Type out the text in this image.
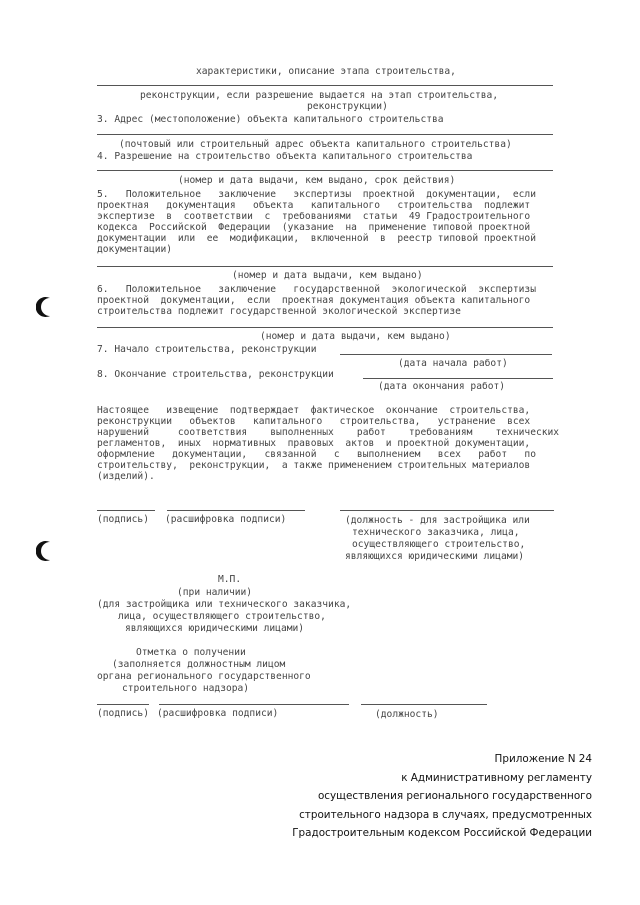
характеристики, описание этапа строительства,
реконструкции, если разрешение выдается на этап строительства,
реконструкции)
3. Адрес (местоположение) объекта капитального строительства
(почтовый или строительный адрес объекта капитального строительства)
4. Разрешение на строительство объекта капитального строительства
(номер и дата выдачи, кем выдано, срок действия)
5.   Положительное   заключение   экспертизы  проектной  документации,  если
проектная   документация   объекта   капитального   строительства  подлежит
экспертизе  в  соответствии  с  требованиями  статьи  49 Градостроительного
кодекса  Российской  Федерации  (указание  на  применение типовой проектной
документации  или  ее  модификации,  включенной  в  реестр типовой проектной
документации)
(номер и дата выдачи, кем выдано)
6.   Положительное   заключение   государственной  экологической  экспертизы
проектной  документации,  если  проектная документация объекта капитального
строительства подлежит государственной экологической экспертизе
(номер и дата выдачи, кем выдано)
7. Начало строительства, реконструкции
(дата начала работ)
8. Окончание строительства, реконструкции
(дата окончания работ)
Настоящее   извещение  подтверждает  фактическое  окончание  строительства,
реконструкции   объектов   капитального   строительства,   устранение  всех
нарушений     соответствия    выполненных    работ    требованиям    технических
регламентов,  иных  нормативных  правовых  актов  и проектной документации,
оформление   документации,   связанной   с   выполнением   всех   работ   по
строительству,  реконструкции,  а также применением строительных материалов
(изделий).
(подпись) (расшифровка подписи)	(должность - для застройщика или
технического заказчика, лица,
осуществляющего строительство,
являющихся юридическими лицами)
М.П.
(при наличии)
(для застройщика или технического заказчика,
лица, осуществляющего строительство,
являющихся юридическими лицами)
Отметка о получении
(заполняется должностным лицом
органа регионального государственного
строительного надзора)
(подпись) (расшифровка подписи)	(должность)
Приложение N 24
к Административному регламенту
осуществления регионального государственного
строительного надзора в случаях, предусмотренных
Градостроительным кодексом Российской Федерации
